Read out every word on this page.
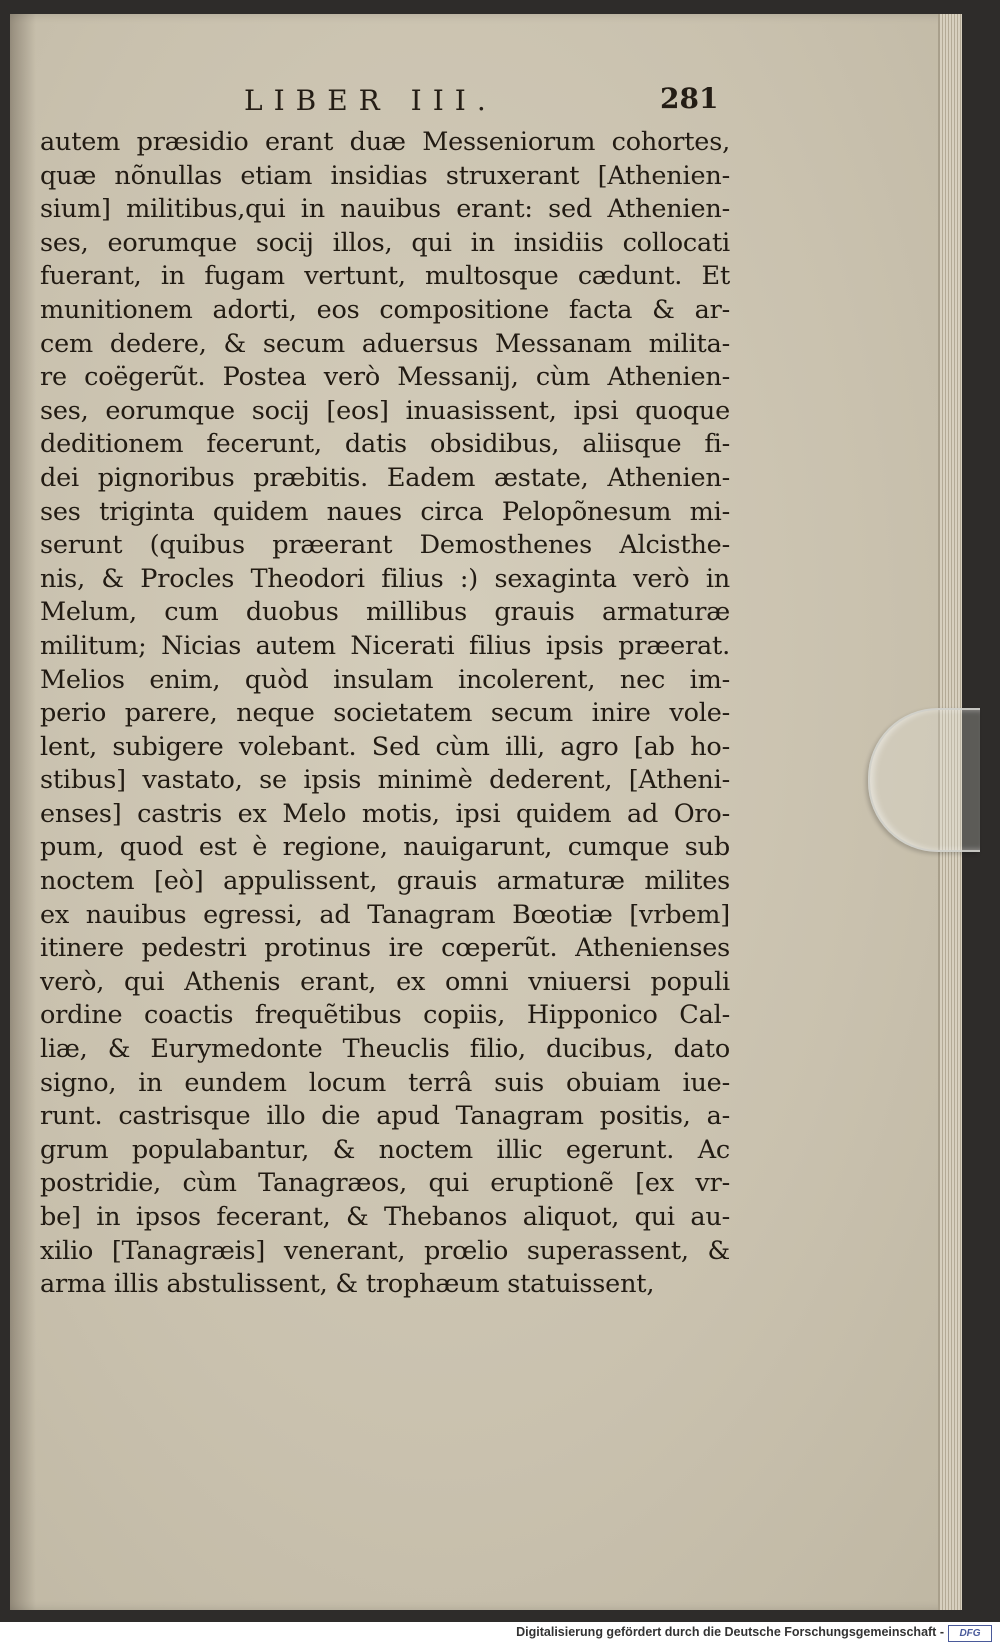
LIBER III.	281
autem præsidio erant duæ Messeniorum cohortes,
quæ nõnullas etiam insidias struxerant [Athenien-
sium] militibus,qui in nauibus erant: sed Athenien-
ses, eorumque socij illos, qui in insidiis collocati
fuerant, in fugam vertunt, multosque cædunt. Et
munitionem adorti, eos compositione facta & ar-
cem dedere, & secum aduersus Messanam milita-
re coëgerũt. Postea verò Messanij, cùm Athenien-
ses, eorumque socij [eos] inuasissent, ipsi quoque
deditionem fecerunt, datis obsidibus, aliisque fi-
dei pignoribus præbitis. Eadem æstate, Athenien-
ses triginta quidem naues circa Pelopõnesum mi-
serunt (quibus præerant Demosthenes Alcisthe-
nis, & Procles Theodori filius :) sexaginta verò in
Melum, cum duobus millibus grauis armaturæ
militum; Nicias autem Nicerati filius ipsis præerat.
Melios enim, quòd insulam incolerent, nec im-
perio parere, neque societatem secum inire vole-
lent, subigere volebant. Sed cùm illi, agro [ab ho-
stibus] vastato, se ipsis minimè dederent, [Atheni-
enses] castris ex Melo motis, ipsi quidem ad Oro-
pum, quod est è regione, nauigarunt, cumque sub
noctem [eò] appulissent, grauis armaturæ milites
ex nauibus egressi, ad Tanagram Bœotiæ [vrbem]
itinere pedestri protinus ire cœperũt. Athenienses
verò, qui Athenis erant, ex omni vniuersi populi
ordine coactis frequẽtibus copiis, Hipponico Cal-
liæ, & Eurymedonte Theuclis filio, ducibus, dato
signo, in eundem locum terrâ suis obuiam iue-
runt. castrisque illo die apud Tanagram positis, a-
grum populabantur, & noctem illic egerunt. Ac
postridie, cùm Tanagræos, qui eruptionẽ [ex vr-
be] in ipsos fecerant, & Thebanos aliquot, qui au-
xilio [Tanagræis] venerant, prœlio superassent, &
arma illis abstulissent, & trophæum statuissent,
Digitalisierung gefördert durch die Deutsche Forschungsgemeinschaft -	DFG
